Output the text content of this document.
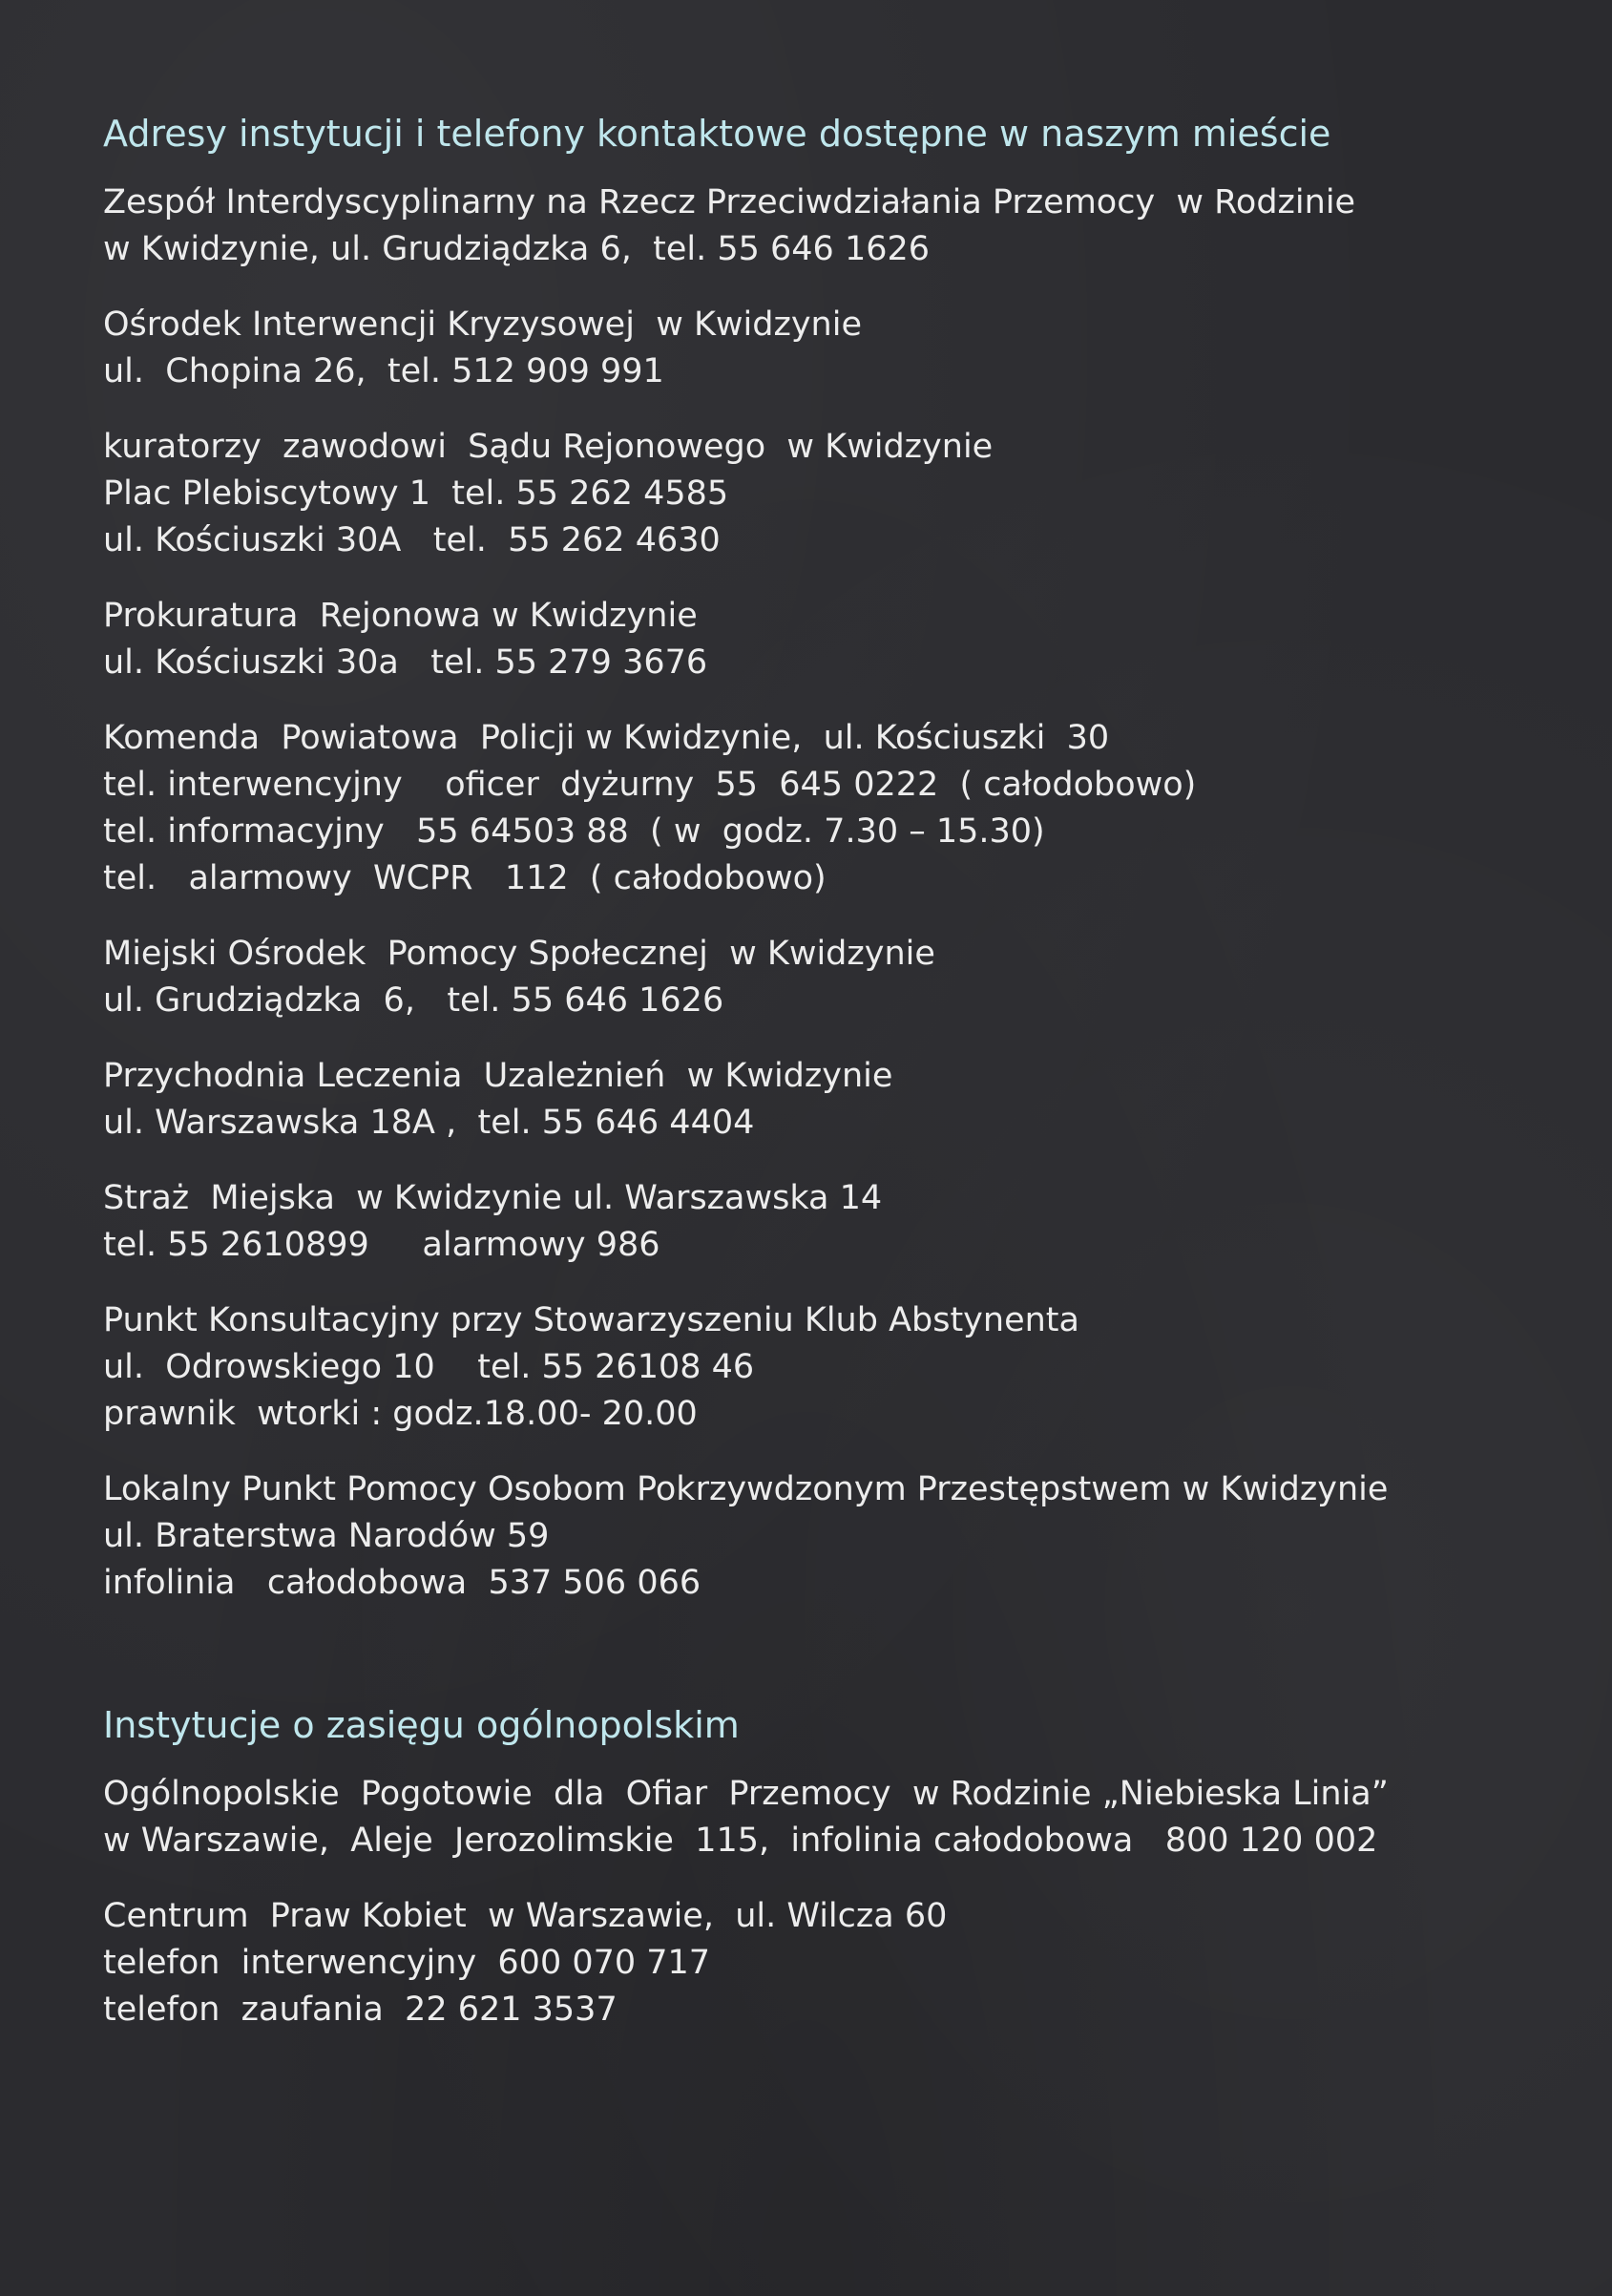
Adresy instytucji i telefony kontaktowe dostępne w naszym mieście
Zespół Interdyscyplinarny na Rzecz Przeciwdziałania Przemocy  w Rodzinie
w Kwidzynie, ul. Grudziądzka 6,  tel. 55 646 1626
Ośrodek Interwencji Kryzysowej  w Kwidzynie
ul.  Chopina 26,  tel. 512 909 991
kuratorzy  zawodowi  Sądu Rejonowego  w Kwidzynie
Plac Plebiscytowy 1  tel. 55 262 4585
ul. Kościuszki 30A   tel.  55 262 4630
Prokuratura  Rejonowa w Kwidzynie
ul. Kościuszki 30a   tel. 55 279 3676
Komenda  Powiatowa  Policji w Kwidzynie,  ul. Kościuszki  30
tel. interwencyjny    oficer  dyżurny  55  645 0222  ( całodobowo)
tel. informacyjny   55 64503 88  ( w  godz. 7.30 – 15.30)
tel.   alarmowy  WCPR   112  ( całodobowo)
Miejski Ośrodek  Pomocy Społecznej  w Kwidzynie
ul. Grudziądzka  6,   tel. 55 646 1626
Przychodnia Leczenia  Uzależnień  w Kwidzynie
ul. Warszawska 18A ,  tel. 55 646 4404
Straż  Miejska  w Kwidzynie ul. Warszawska 14
tel. 55 2610899     alarmowy 986
Punkt Konsultacyjny przy Stowarzyszeniu Klub Abstynenta
ul.  Odrowskiego 10    tel. 55 26108 46
prawnik  wtorki : godz.18.00- 20.00
Lokalny Punkt Pomocy Osobom Pokrzywdzonym Przestępstwem w Kwidzynie
ul. Braterstwa Narodów 59
infolinia   całodobowa  537 506 066
Instytucje o zasięgu ogólnopolskim
Ogólnopolskie  Pogotowie  dla  Ofiar  Przemocy  w Rodzinie „Niebieska Linia”
w Warszawie,  Aleje  Jerozolimskie  115,  infolinia całodobowa   800 120 002
Centrum  Praw Kobiet  w Warszawie,  ul. Wilcza 60
telefon  interwencyjny  600 070 717
telefon  zaufania  22 621 3537
